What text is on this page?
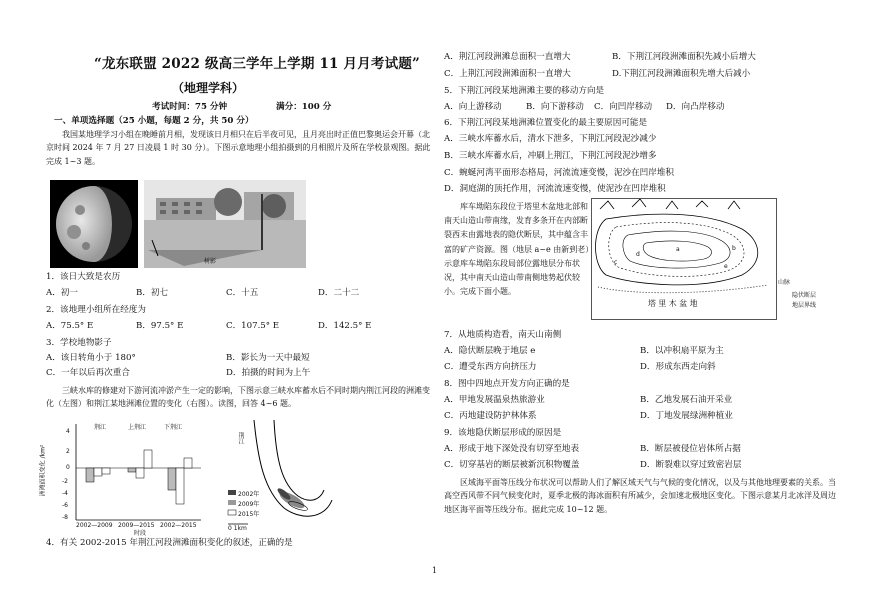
“龙东联盟 2022 级高三学年上学期 11 月月考试题”
（地理学科）
考试时间：75 分钟	满分：100 分
一、单项选择题（25 小题，每题 2 分，共 50 分）
我国某地理学习小组在晚睡前月相，发现该日月相只在后半夜可见，且月亮出时正值巴黎奥运会开幕（北京时间 2024 年 7 月 27 日凌晨 1 时 30 分）。下图示意地理小组拍摄到的月相照片及所在学校景观图。据此完成 1~3 题。
树影
1．该日大致是农历
A．初一	B．初七	C．十五	D．二十二
2．该地理小组所在经度为
A．75.5° E	B．97.5° E	C．107.5° E	D．142.5° E
3．学校地物影子
A．该日转角小于 180°	B．影长为一天中最短
C．一年以后再次重合	D．拍摄的时间为上午
三峡水库的修建对下游河流冲淤产生一定的影响，下图示意三峡水库蓄水后不同时期内荆江河段的洲滩变化（左图）和荆江某地洲滩位置的变化（右图）。读图，回答 4~6 题。
荆江	上荆江	下荆江
4
2
0
-2
-4
-6
-8
洲滩面积变化 /km²
2002—2009 2009—2015 2002—2015
时段
荆江
2002年
2009年
2015年
0 1km
4．有关 2002-2015 年荆江河段洲滩面积变化的叙述，正确的是
A．荆江河段洲滩总面积一直增大	B．下荆江河段洲滩面积先减小后增大
C．上荆江河段洲滩面积一直增大	D.下荆江河段洲滩面积先增大后减小
5．下荆江河段某地洲滩主要的移动方向是
A．向上游移动	B．向下游移动 C．向凹岸移动 D．向凸岸移动
6．下荆江河段某地洲滩位置变化的最主要原因可能是
A．三峡水库蓄水后，清水下泄多，下荆江河段泥沙减少
B．三峡水库蓄水后，冲刷上荆江，下荆江河段泥沙增多
C．蜿蜒河湾平面形态格局，河流流速变慢，泥沙在凹岸堆积
D．洞庭湖的顶托作用，河流流速变慢，使泥沙在凹岸堆积
库车坳陷东段位于塔里木盆地北部和南天山造山带南缘，发育多条开在内部断裂西末由露地表的隐伏断层，其中蕴含丰富的矿产资源。图（地层 a~e 由新到老）示意库车坳陷东段局部位露地层分布状况，其中南天山造山带南侧地势起伏较小。完成下面小题。
a	b
c
d
e
塔 里 木 盆 地
山脉
隐伏断层
地层界线
7．从地质构造看，南天山南侧
A．隐伏断层晚于地层 e	B．以冲积扇平原为主
C．遭受东西方向挤压力	D．形成东西走向斜
8．图中四地点开发方向正确的是
A．甲地发展温泉热旅游业	B．乙地发展石油开采业
C．丙地建设防护林体系	D．丁地发展绿洲种植业
9．该地隐伏断层形成的原因是
A．形成于地下深处没有切穿至地表	B．断层被侵位岩体所占据
C．切穿基岩的断层被新沉积物覆盖	D．断裂难以穿过致密岩层
区域海平面等压线分布状况可以帮助人们了解区域天气与气候的变化情况，以及与其他地理要素的关系。当高空西风带不同气候变化时，夏季北极的海冰面积有所减少，会加速北极地区变化。下图示意某月北冰洋及周边地区海平面等压线分布。据此完成 10~12 题。
1
